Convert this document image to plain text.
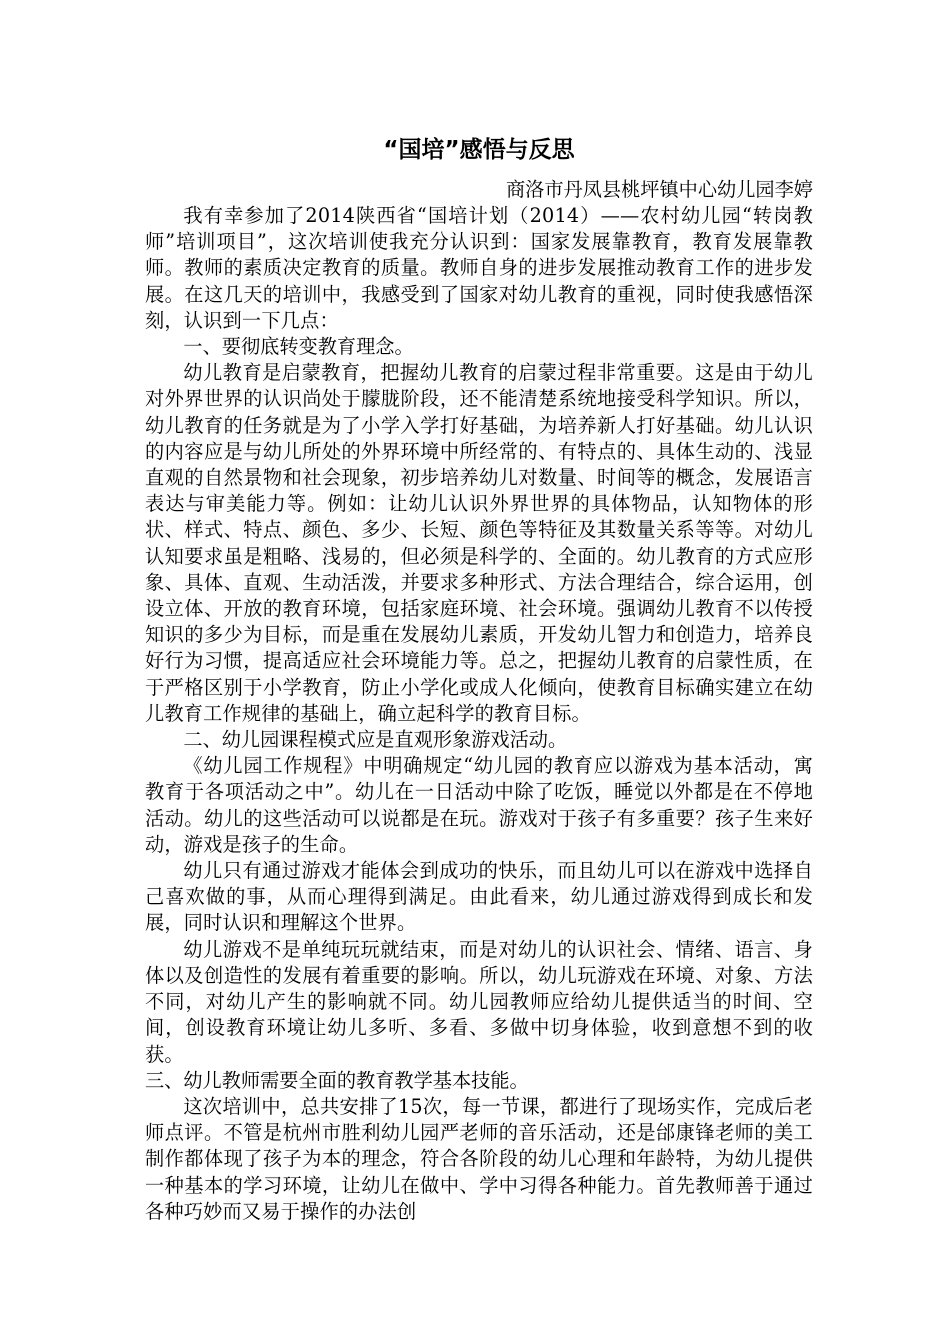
“国培”感悟与反思

商洛市丹凤县桃坪镇中心幼儿园李婷

我有幸参加了2014陕西省“国培计划（2014）——农村幼儿园“转岗教师”培训项目”，这次培训使我充分认识到：国家发展靠教育，教育发展靠教师。教师的素质决定教育的质量。教师自身的进步发展推动教育工作的进步发展。在这几天的培训中，我感受到了国家对幼儿教育的重视，同时使我感悟深刻，认识到一下几点：

一、要彻底转变教育理念。

幼儿教育是启蒙教育，把握幼儿教育的启蒙过程非常重要。这是由于幼儿对外界世界的认识尚处于朦胧阶段，还不能清楚系统地接受科学知识。所以，幼儿教育的任务就是为了小学入学打好基础，为培养新人打好基础。幼儿认识的内容应是与幼儿所处的外界环境中所经常的、有特点的、具体生动的、浅显直观的自然景物和社会现象，初步培养幼儿对数量、时间等的概念，发展语言表达与审美能力等。例如：让幼儿认识外界世界的具体物品，认知物体的形状、样式、特点、颜色、多少、长短、颜色等特征及其数量关系等等。对幼儿认知要求虽是粗略、浅易的，但必须是科学的、全面的。幼儿教育的方式应形象、具体、直观、生动活泼，并要求多种形式、方法合理结合，综合运用，创设立体、开放的教育环境，包括家庭环境、社会环境。强调幼儿教育不以传授知识的多少为目标，而是重在发展幼儿素质，开发幼儿智力和创造力，培养良好行为习惯，提高适应社会环境能力等。总之，把握幼儿教育的启蒙性质，在于严格区别于小学教育，防止小学化或成人化倾向，使教育目标确实建立在幼儿教育工作规律的基础上，确立起科学的教育目标。

二、幼儿园课程模式应是直观形象游戏活动。

《幼儿园工作规程》中明确规定“幼儿园的教育应以游戏为基本活动，寓教育于各项活动之中”。幼儿在一日活动中除了吃饭，睡觉以外都是在不停地活动。幼儿的这些活动可以说都是在玩。游戏对于孩子有多重要？孩子生来好动，游戏是孩子的生命。

幼儿只有通过游戏才能体会到成功的快乐，而且幼儿可以在游戏中选择自己喜欢做的事，从而心理得到满足。由此看来，幼儿通过游戏得到成长和发展，同时认识和理解这个世界。

幼儿游戏不是单纯玩玩就结束，而是对幼儿的认识社会、情绪、语言、身体以及创造性的发展有着重要的影响。所以，幼儿玩游戏在环境、对象、方法不同，对幼儿产生的影响就不同。幼儿园教师应给幼儿提供适当的时间、空间，创设教育环境让幼儿多听、多看、多做中切身体验，收到意想不到的收获。

三、幼儿教师需要全面的教育教学基本技能。

这次培训中，总共安排了15次，每一节课，都进行了现场实作，完成后老师点评。不管是杭州市胜利幼儿园严老师的音乐活动，还是邰康锋老师的美工制作都体现了孩子为本的理念，符合各阶段的幼儿心理和年龄特，为幼儿提供一种基本的学习环境，让幼儿在做中、学中习得各种能力。首先教师善于通过各种巧妙而又易于操作的办法创
